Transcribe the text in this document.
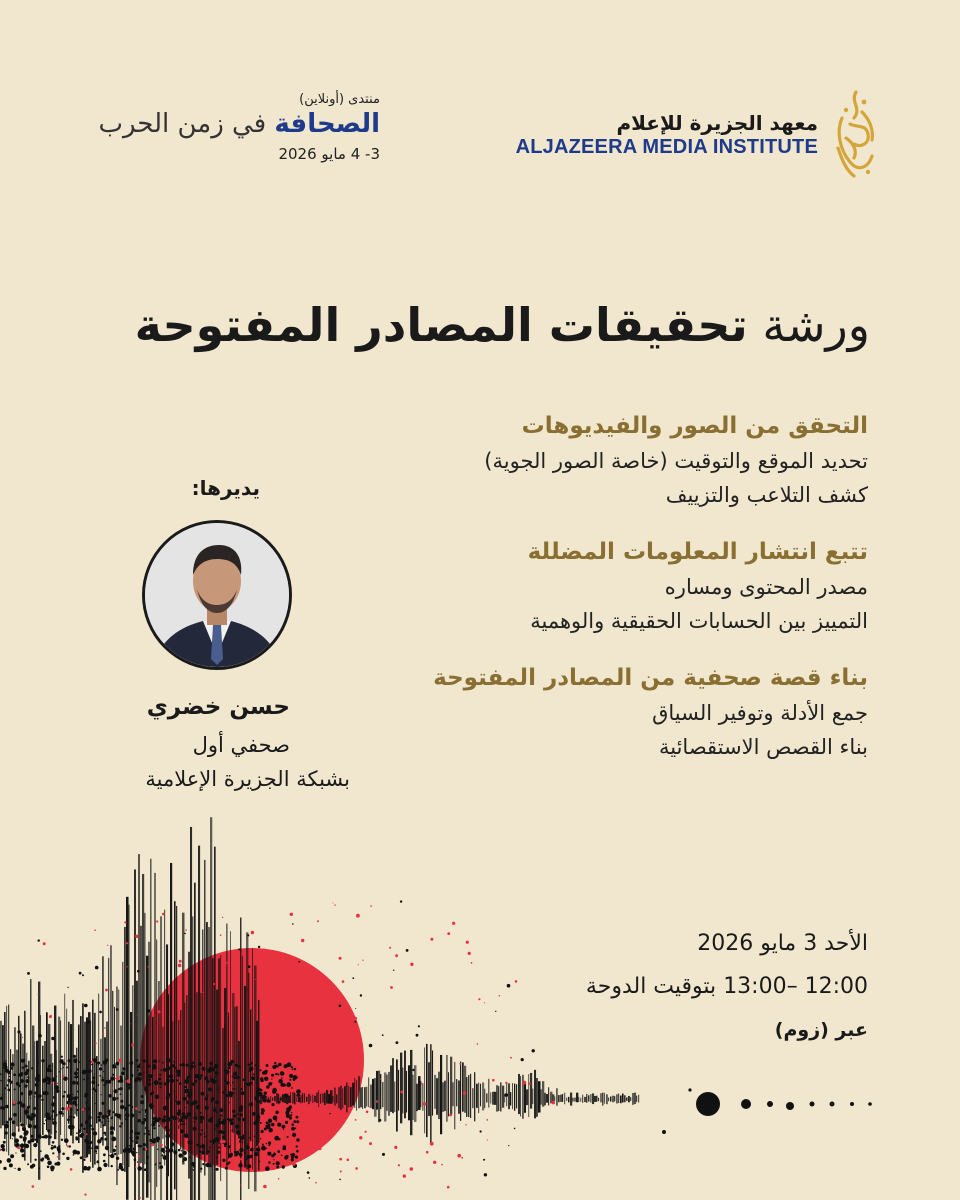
معهد الجزيرة للإعلام
ALJAZEERA MEDIA INSTITUTE
منتدى (أونلاين)
الصحافة في زمن الحرب
3- 4 مايو 2026
ورشة تحقيقات المصادر المفتوحة
التحقق من الصور والفيديوهات
تحديد الموقع والتوقيت (خاصة الصور الجوية)
كشف التلاعب والتزييف
تتبع انتشار المعلومات المضللة
مصدر المحتوى ومساره
التمييز بين الحسابات الحقيقية والوهمية
بناء قصة صحفية من المصادر المفتوحة
جمع الأدلة وتوفير السياق
بناء القصص الاستقصائية
يديرها:
حسن خضري
صحفي أول
بشبكة الجزيرة الإعلامية
الأحد 3 مايو 2026
12:00 –13:00 بتوقيت الدوحة
عبر (زوم)
